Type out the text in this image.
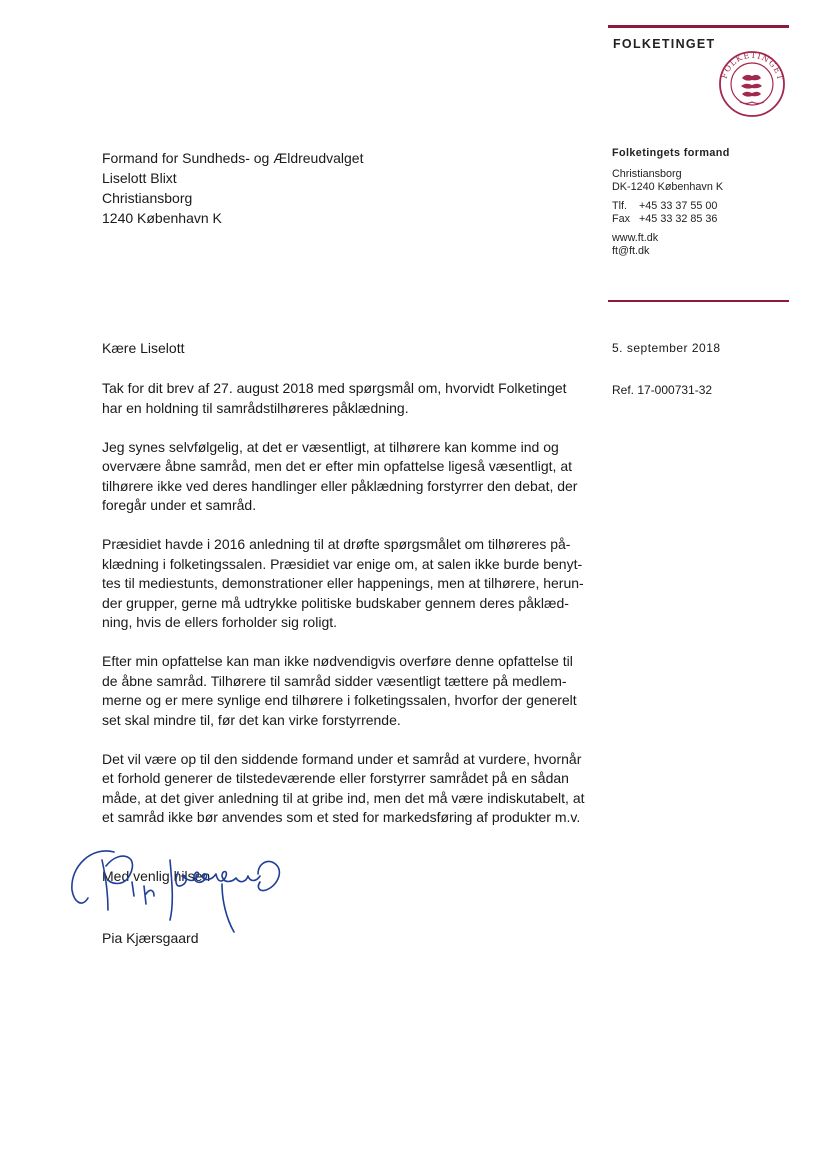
FOLKETINGET
FOLKETINGET
Formand for Sundheds- og Ældreudvalget
Liselott Blixt
Christiansborg
1240 København K
Folketingets formand
Christiansborg
DK-1240 København K
Tlf. +45 33 37 55 00
Fax +45 33 32 85 36
www.ft.dk
ft@ft.dk
5. september 2018
Ref. 17-000731-32
Kære Liselott

Tak for dit brev af 27. august 2018 med spørgsmål om, hvorvidt Folketinget
har en holdning til samrådstilhøreres påklædning.

Jeg synes selvfølgelig, at det er væsentligt, at tilhørere kan komme ind og
overvære åbne samråd, men det er efter min opfattelse ligeså væsentligt, at
tilhørere ikke ved deres handlinger eller påklædning forstyrrer den debat, der
foregår under et samråd.

Præsidiet havde i 2016 anledning til at drøfte spørgsmålet om tilhøreres på-
klædning i folketingssalen. Præsidiet var enige om, at salen ikke burde benyt-
tes til mediestunts, demonstrationer eller happenings, men at tilhørere, herun-
der grupper, gerne må udtrykke politiske budskaber gennem deres påklæd-
ning, hvis de ellers forholder sig roligt.

Efter min opfattelse kan man ikke nødvendigvis overføre denne opfattelse til
de åbne samråd. Tilhørere til samråd sidder væsentligt tættere på medlem-
merne og er mere synlige end tilhørere i folketingssalen, hvorfor der generelt
set skal mindre til, før det kan virke forstyrrende.

Det vil være op til den siddende formand under et samråd at vurdere, hvornår
et forhold generer de tilstedeværende eller forstyrrer samrådet på en sådan
måde, at det giver anledning til at gribe ind, men det må være indiskutabelt, at
et samråd ikke bør anvendes som et sted for markedsføring af produkter m.v.

Med venlig hilsen
Pia Kjærsgaard
